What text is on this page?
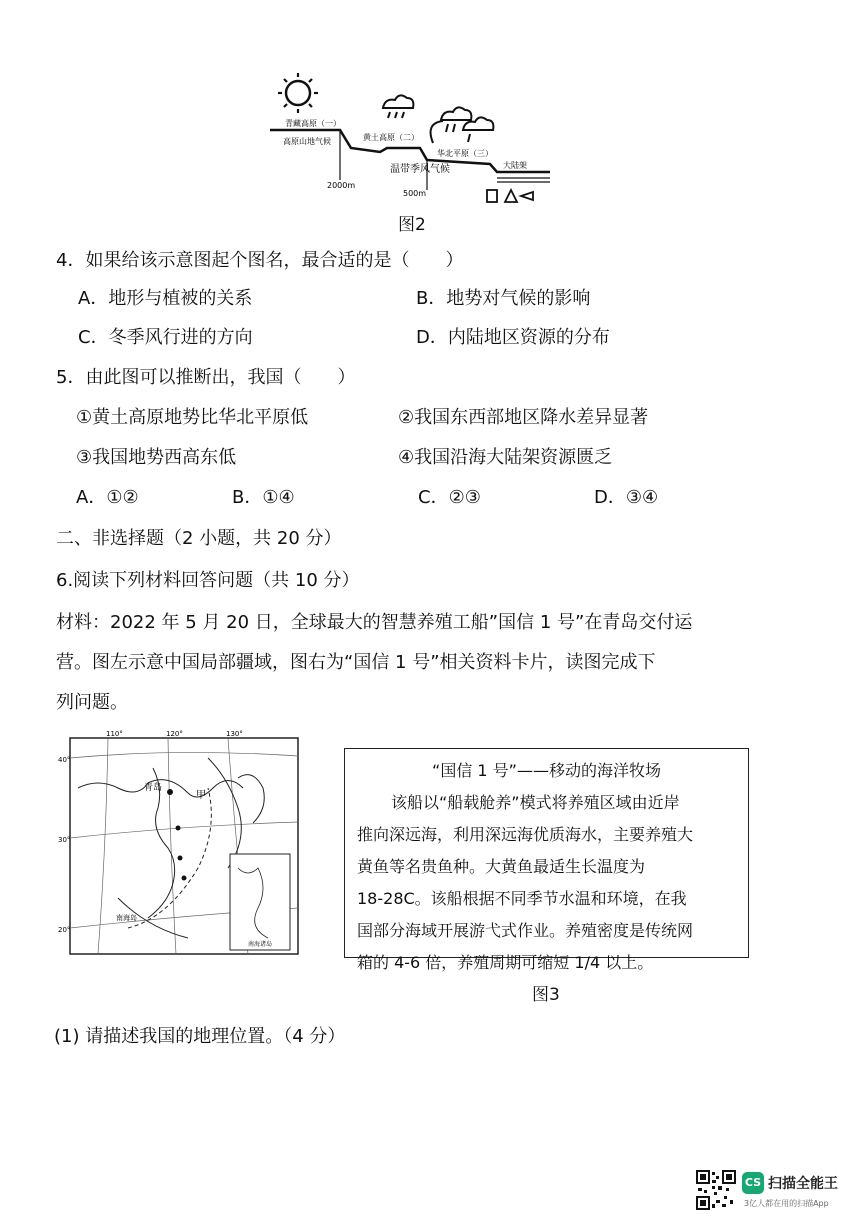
青藏高原（一）
高原山地气候	黄土高原（二）
华北平原（三）
温带季风气候	大陆架
2000m
500m
图2
4．如果给该示意图起个图名，最合适的是（　　）
A．地形与植被的关系	B．地势对气候的影响
C．冬季风行进的方向	D．内陆地区资源的分布
5．由此图可以推断出，我国（　　）
①黄土高原地势比华北平原低	②我国东西部地区降水差异显著
③我国地势西高东低	④我国沿海大陆架资源匮乏
A．①②	B．①④	C．②③	D．③④
二、非选择题（2 小题，共 20 分）
6.阅读下列材料回答问题（共 10 分）
材料：2022 年 5 月 20 日，全球最大的智慧养殖工船”国信 1 号”在青岛交付运
营。图左示意中国局部疆域，图右为“国信 1 号”相关资料卡片，读图完成下
列问题。
110°	120°	130°
40°
30°
20°
青岛
甲
南海岛
南海诸岛
“国信 1 号”——移动的海洋牧场
该船以“船载舱养”模式将养殖区域由近岸
推向深远海，利用深远海优质海水，主要养殖大
黄鱼等名贵鱼种。大黄鱼最适生长温度为
18-28C。该船根据不同季节水温和环境，在我
国部分海域开展游弋式作业。养殖密度是传统网
箱的 4-6 倍，养殖周期可缩短 1/4 以上。
图3
(1) 请描述我国的地理位置。（4 分）
CS 扫描全能王
3亿人都在用的扫描App
